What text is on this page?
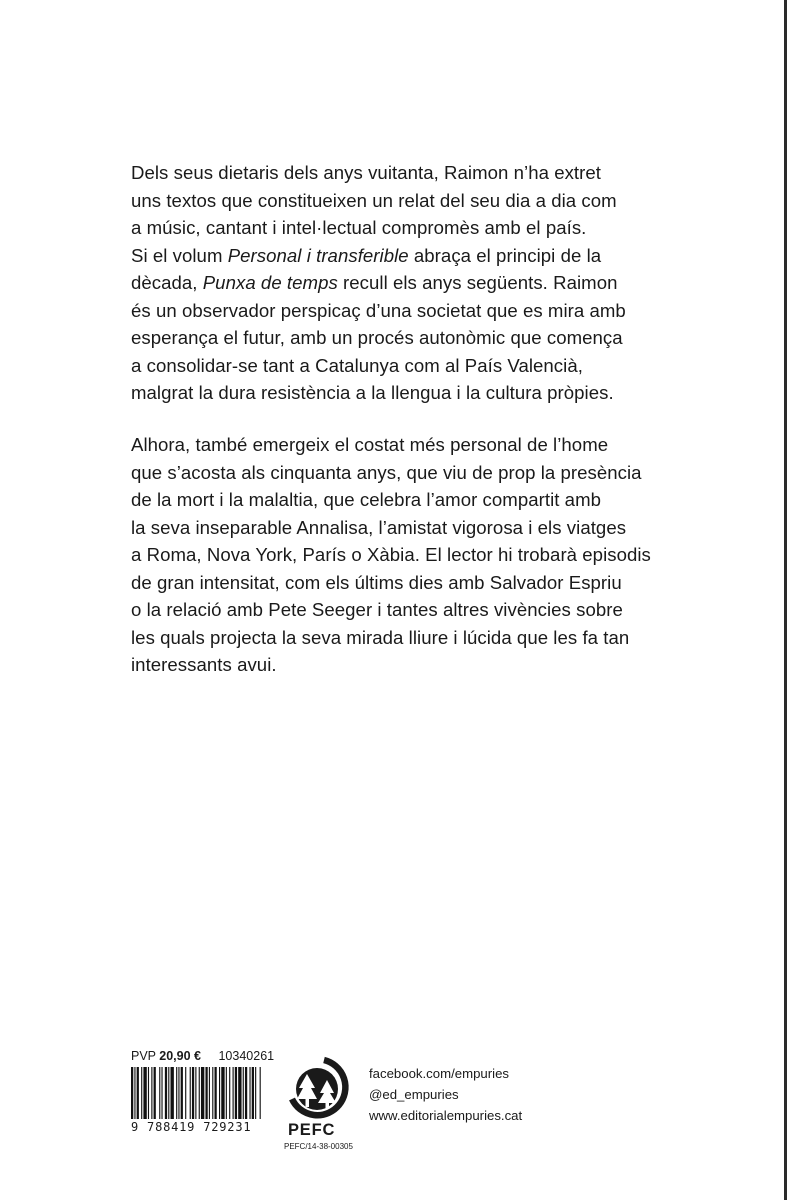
Dels seus dietaris dels anys vuitanta, Raimon n’ha extret
uns textos que constitueixen un relat del seu dia a dia com
a músic, cantant i intel·lectual compromès amb el país.
Si el volum Personal i transferible abraça el principi de la
dècada, Punxa de temps recull els anys següents. Raimon
és un observador perspicaç d’una societat que es mira amb
esperança el futur, amb un procés autonòmic que comença
a consolidar-se tant a Catalunya com al País Valencià,
malgrat la dura resistència a la llengua i la cultura pròpies.
Alhora, també emergeix el costat més personal de l’home
que s’acosta als cinquanta anys, que viu de prop la presència
de la mort i la malaltia, que celebra l’amor compartit amb
la seva inseparable Annalisa, l’amistat vigorosa i els viatges
a Roma, Nova York, París o Xàbia. El lector hi trobarà episodis
de gran intensitat, com els últims dies amb Salvador Espriu
o la relació amb Pete Seeger i tantes altres vivències sobre
les quals projecta la seva mirada lliure i lúcida que les fa tan
interessants avui.
PVP 20,90 € 10340261
9 788419 729231	PEFC
PEFC/14-38-00305
facebook.com/empuries
@ed_empuries
www.editorialempuries.cat
